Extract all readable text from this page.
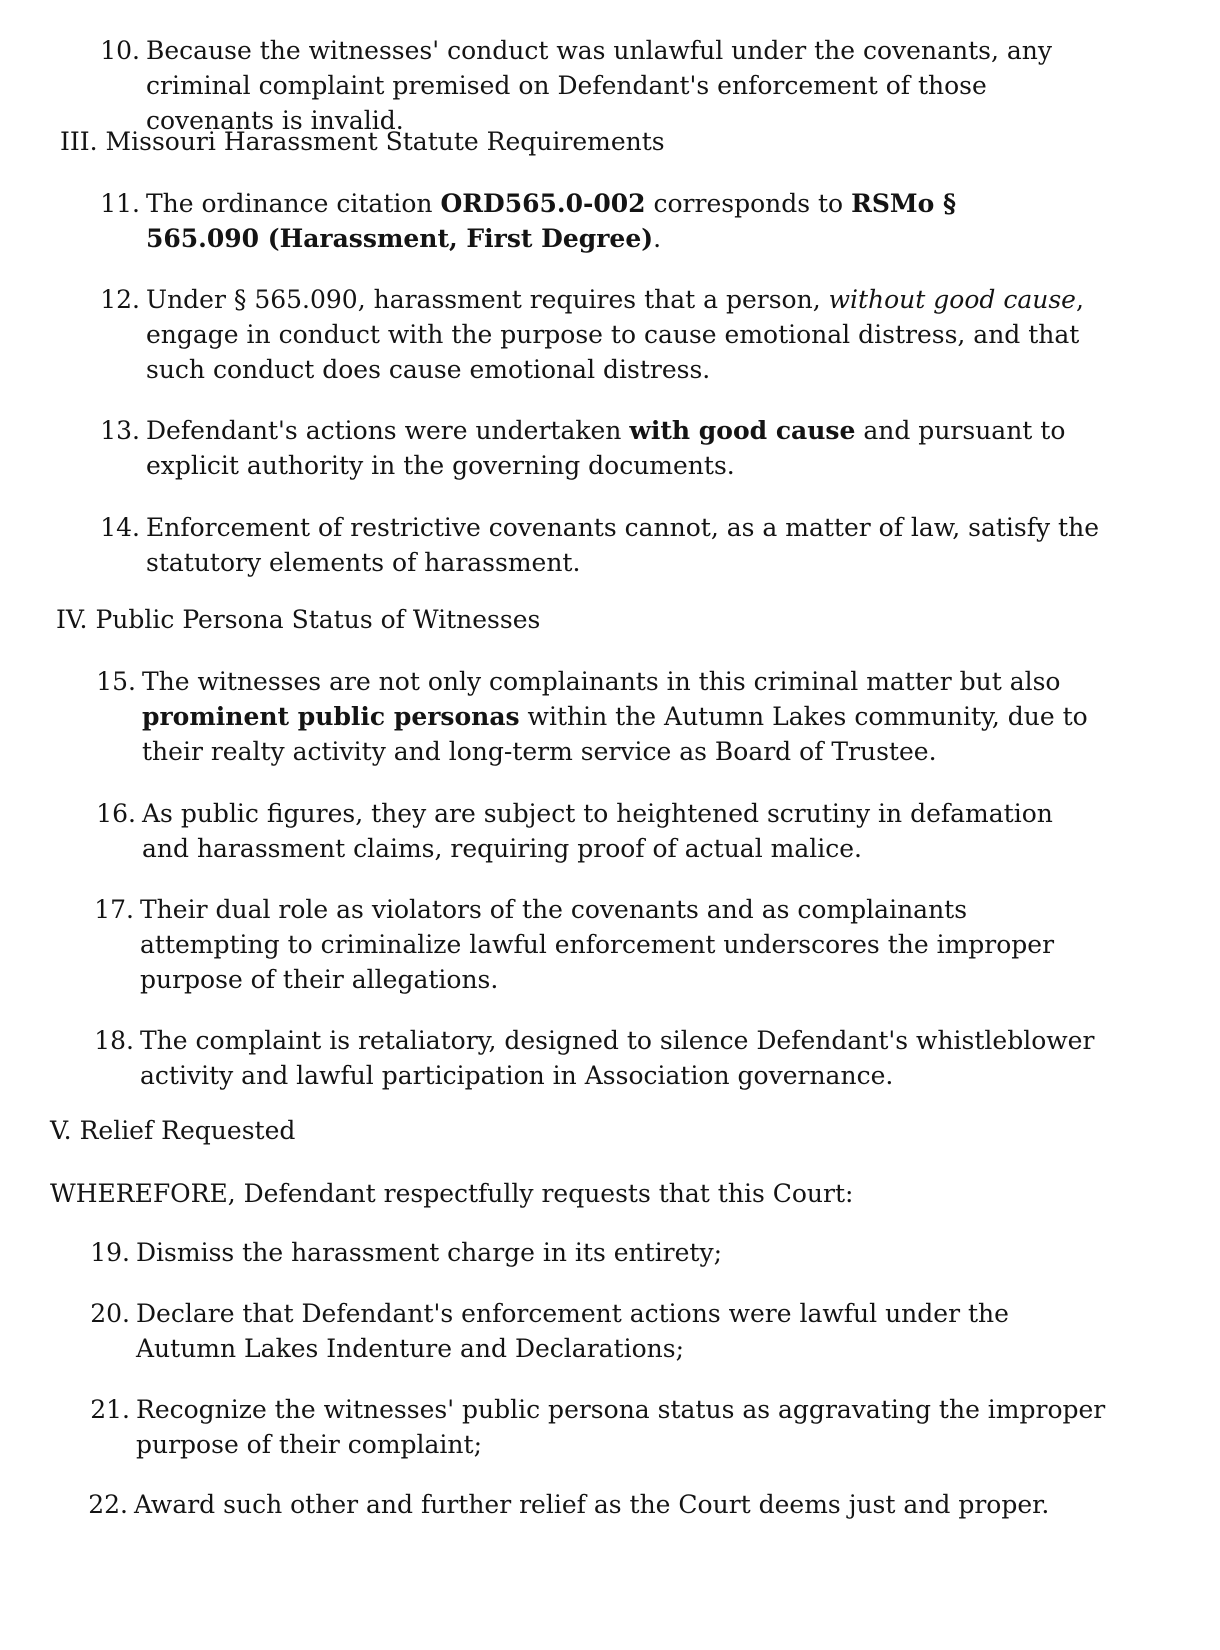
10. Because the witnesses' conduct was unlawful under the covenants, any criminal complaint premised on Defendant's enforcement of those covenants is invalid.
III. Missouri Harassment Statute Requirements
11. The ordinance citation ORD565.0-002 corresponds to RSMo § 565.090 (Harassment, First Degree).
12. Under § 565.090, harassment requires that a person, without good cause, engage in conduct with the purpose to cause emotional distress, and that such conduct does cause emotional distress.
13. Defendant's actions were undertaken with good cause and pursuant to explicit authority in the governing documents.
14. Enforcement of restrictive covenants cannot, as a matter of law, satisfy the statutory elements of harassment.
IV. Public Persona Status of Witnesses
15. The witnesses are not only complainants in this criminal matter but also prominent public personas within the Autumn Lakes community, due to their realty activity and long-term service as Board of Trustee.
16. As public figures, they are subject to heightened scrutiny in defamation and harassment claims, requiring proof of actual malice.
17. Their dual role as violators of the covenants and as complainants attempting to criminalize lawful enforcement underscores the improper purpose of their allegations.
18. The complaint is retaliatory, designed to silence Defendant's whistleblower activity and lawful participation in Association governance.
V. Relief Requested
WHEREFORE, Defendant respectfully requests that this Court:
19. Dismiss the harassment charge in its entirety;
20. Declare that Defendant's enforcement actions were lawful under the Autumn Lakes Indenture and Declarations;
21. Recognize the witnesses' public persona status as aggravating the improper purpose of their complaint;
22. Award such other and further relief as the Court deems just and proper.
